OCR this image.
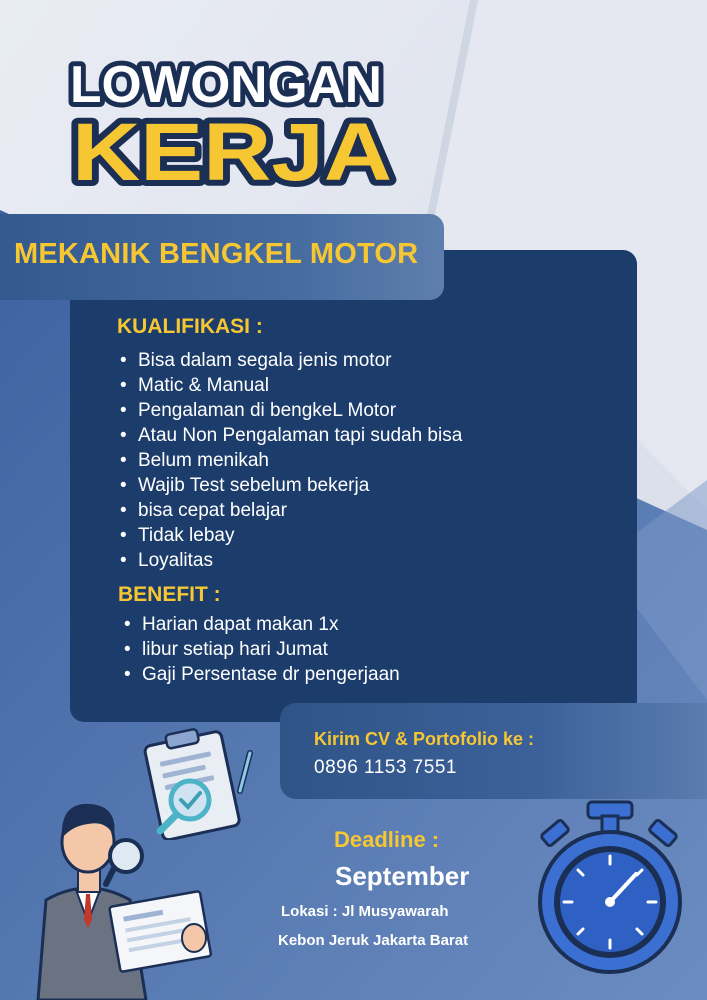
LOWONGAN
KERJA
MEKANIK BENGKEL MOTOR
KUALIFIKASI :
• Bisa dalam segala jenis motor
• Matic & Manual
• Pengalaman di bengkeL Motor
• Atau Non Pengalaman tapi sudah bisa
• Belum menikah
• Wajib Test sebelum bekerja
• bisa cepat belajar
• Tidak lebay
• Loyalitas
BENEFIT :
• Harian dapat makan 1x
• libur setiap hari Jumat
• Gaji Persentase dr pengerjaan
Kirim CV & Portofolio ke :
0896 1153 7551
Deadline :
September
Lokasi : Jl Musyawarah
Kebon Jeruk Jakarta Barat
